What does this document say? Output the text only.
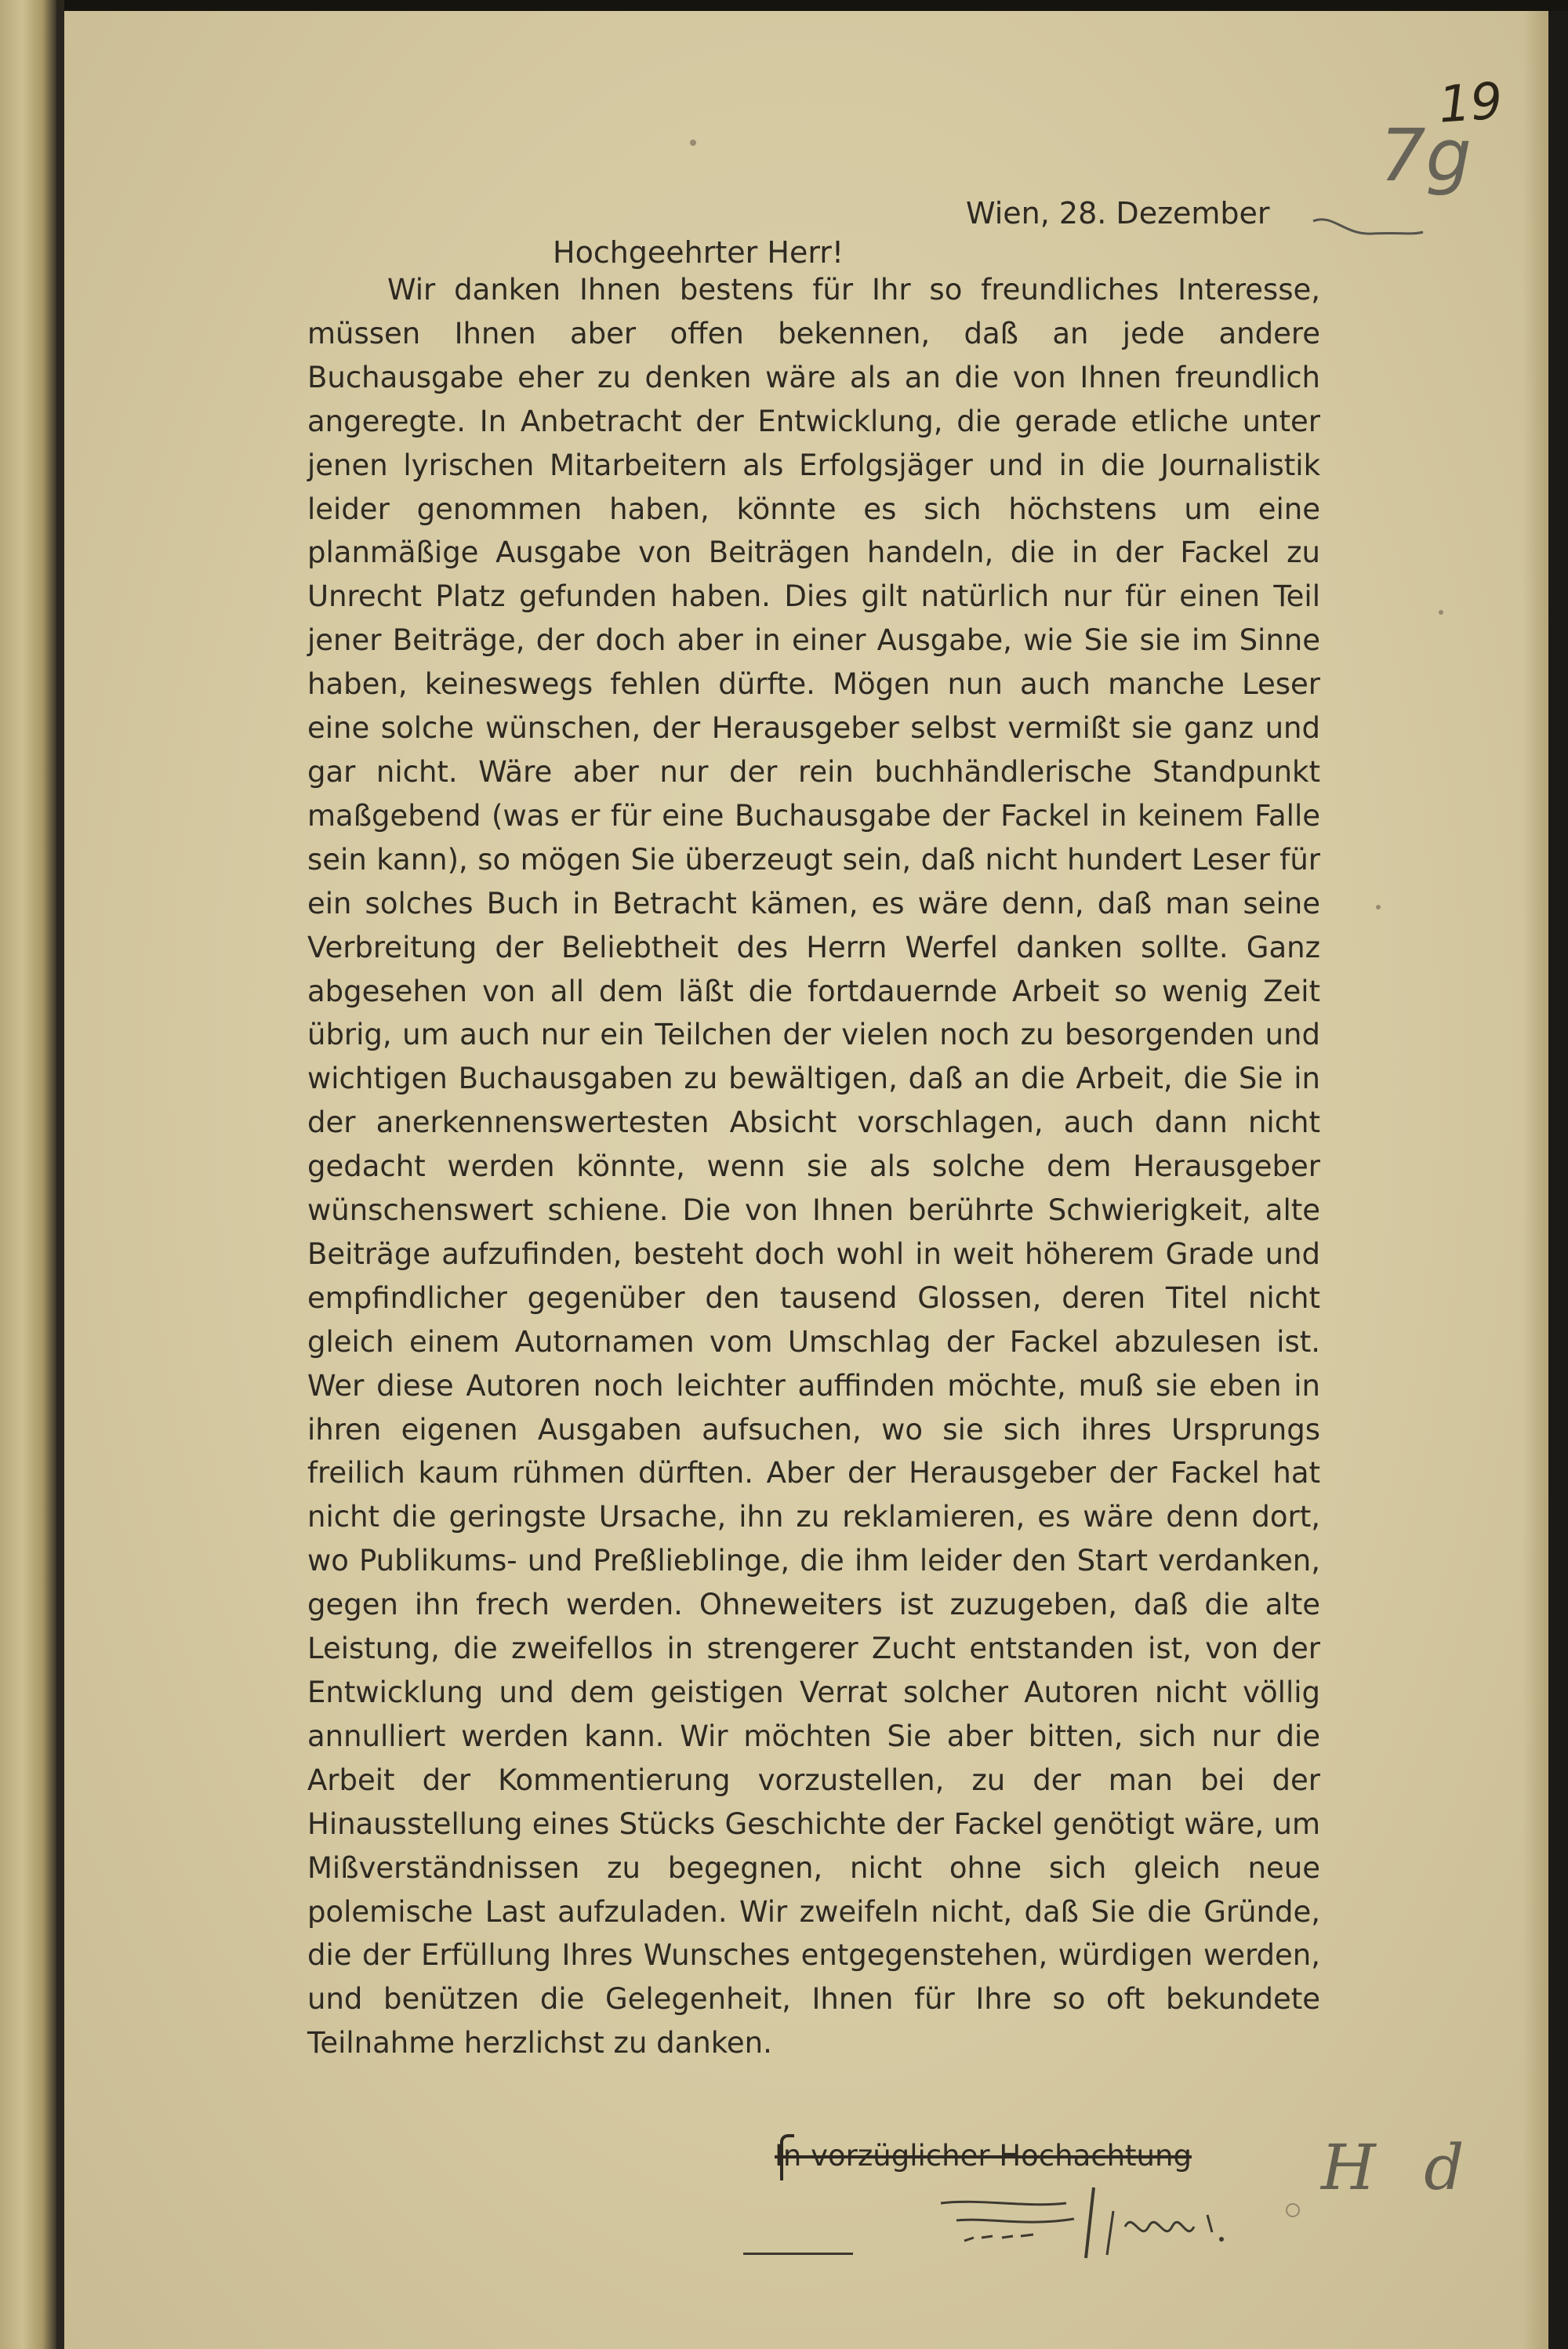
19
7g
Wien, 28. Dezember
Hochgeehrter Herr!

Wir danken Ihnen bestens für Ihr so freundliches Interesse, müssen Ihnen aber offen bekennen, daß an jede andere Buchausgabe eher zu denken wäre als an die von Ihnen freundlich angeregte. In Anbetracht der Entwicklung, die gerade etliche unter jenen lyrischen Mitarbeitern als Erfolgsjäger und in die Journalistik leider genommen haben, könnte es sich höchstens um eine planmäßige Ausgabe von Beiträgen handeln, die in der Fackel zu Unrecht Platz gefunden haben. Dies gilt natürlich nur für einen Teil jener Beiträge, der doch aber in einer Ausgabe, wie Sie sie im Sinne haben, keineswegs fehlen dürfte. Mögen nun auch manche Leser eine solche wünschen, der Herausgeber selbst vermißt sie ganz und gar nicht. Wäre aber nur der rein buchhändlerische Standpunkt maßgebend (was er für eine Buchausgabe der Fackel in keinem Falle sein kann), so mögen Sie überzeugt sein, daß nicht hundert Leser für ein solches Buch in Betracht kämen, es wäre denn, daß man seine Verbreitung der Beliebtheit des Herrn Werfel danken sollte. Ganz abgesehen von all dem läßt die fortdauernde Arbeit so wenig Zeit übrig, um auch nur ein Teilchen der vielen noch zu besorgenden und wichtigen Buchausgaben zu bewältigen, daß an die Arbeit, die Sie in der anerkennenswertesten Absicht vorschlagen, auch dann nicht gedacht werden könnte, wenn sie als solche dem Herausgeber wünschenswert schiene. Die von Ihnen berührte Schwierigkeit, alte Beiträge aufzufinden, besteht doch wohl in weit höherem Grade und empfindlicher gegenüber den tausend Glossen, deren Titel nicht gleich einem Autornamen vom Umschlag der Fackel abzulesen ist. Wer diese Autoren noch leichter auffinden möchte, muß sie eben in ihren eigenen Ausgaben aufsuchen, wo sie sich ihres Ursprungs freilich kaum rühmen dürften. Aber der Herausgeber der Fackel hat nicht die geringste Ursache, ihn zu reklamieren, es wäre denn dort, wo Publikums- und Preßlieblinge, die ihm leider den Start verdanken, gegen ihn frech werden. Ohneweiters ist zuzugeben, daß die alte Leistung, die zweifellos in strengerer Zucht entstanden ist, von der Entwicklung und dem geistigen Verrat solcher Autoren nicht völlig annulliert werden kann. Wir möchten Sie aber bitten, sich nur die Arbeit der Kommentierung vorzustellen, zu der man bei der Hinausstellung eines Stücks Geschichte der Fackel genötigt wäre, um Mißverständnissen zu begegnen, nicht ohne sich gleich neue polemische Last aufzuladen. Wir zweifeln nicht, daß Sie die Gründe, die der Erfüllung Ihres Wunsches entgegenstehen, würdigen werden, und benützen die Gelegenheit, Ihnen für Ihre so oft bekundete Teilnahme herzlichst zu danken.

In vorzüglicher Hochachtung H d
